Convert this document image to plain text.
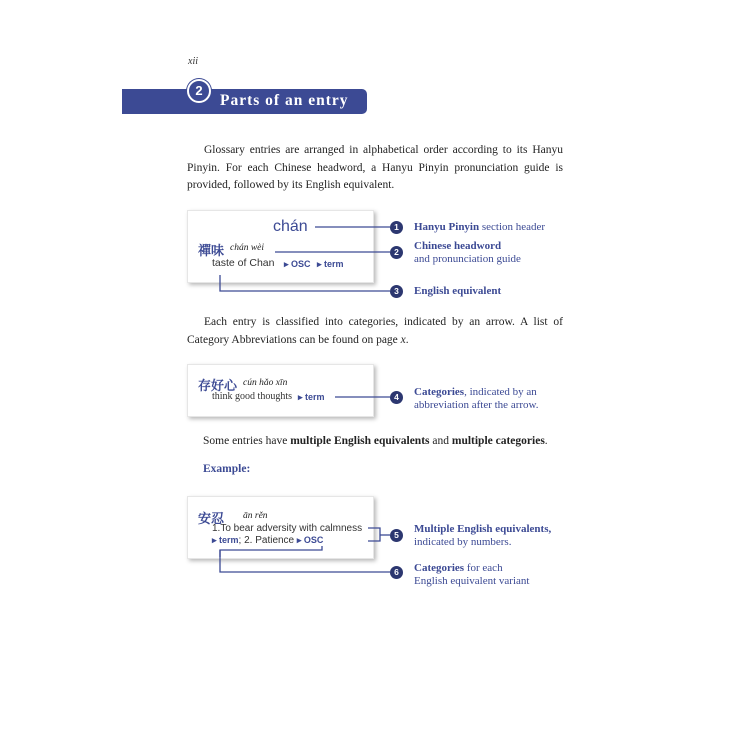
xii
2
Parts of an entry
Glossary entries are arranged in alphabetical order according to its Hanyu Pinyin. For each Chinese headword, a Hanyu Pinyin pronunciation guide is provided, followed by its English equivalent.
chán
禪味 chán wèi
taste of Chan ▸ OSC ▸ term
存好心 cún hǎo xīn
think good thoughts ▸ term
安忍 ān rěn
1.To bear adversity with calmness
▸ term; 2. Patience ▸ OSC
1	Hanyu Pinyin section header
2	Chinese headword
and pronunciation guide
3	English equivalent
Each entry is classified into categories, indicated by an arrow. A list of Category Abbreviations can be found on page x.
4	Categories, indicated by an
abbreviation after the arrow.
Some entries have multiple English equivalents and multiple categories.
Example:
5	Multiple English equivalents,
indicated by numbers.
6	Categories for each
English equivalent variant
